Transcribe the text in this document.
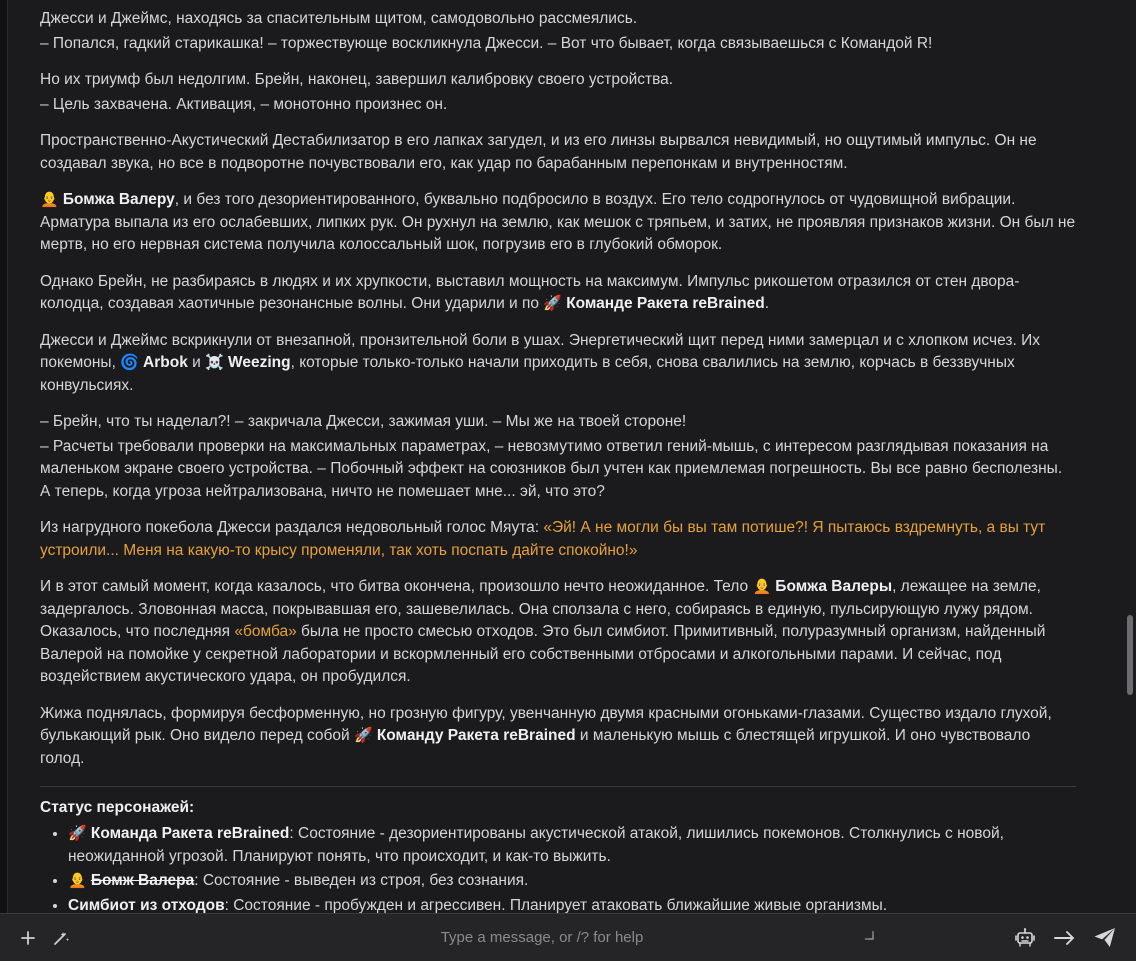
Джесси и Джеймс, находясь за спасительным щитом, самодовольно рассмеялись.

– Попался, гадкий старикашка! – торжествующе воскликнула Джесси. – Вот что бывает, когда связываешься с Командой R!

Но их триумф был недолгим. Брейн, наконец, завершил калибровку своего устройства.

– Цель захвачена. Активация, – монотонно произнес он.

Пространственно-Акустический Дестабилизатор в его лапках загудел, и из его линзы вырвался невидимый, но ощутимый импульс. Он не создавал звука, но все в подворотне почувствовали его, как удар по барабанным перепонкам и внутренностям.

🧑‍🦲 Бомжа Валеру, и без того дезориентированного, буквально подбросило в воздух. Его тело содрогнулось от чудовищной вибрации. Арматура выпала из его ослабевших, липких рук. Он рухнул на землю, как мешок с тряпьем, и затих, не проявляя признаков жизни. Он был не мертв, но его нервная система получила колоссальный шок, погрузив его в глубокий обморок.

Однако Брейн, не разбираясь в людях и их хрупкости, выставил мощность на максимум. Импульс рикошетом отразился от стен двора-колодца, создавая хаотичные резонансные волны. Они ударили и по 🚀 Команде Ракета reBrained.

Джесси и Джеймс вскрикнули от внезапной, пронзительной боли в ушах. Энергетический щит перед ними замерцал и с хлопком исчез. Их покемоны, 🌀 Arbok и ☠️ Weezing, которые только-только начали приходить в себя, снова свалились на землю, корчась в беззвучных конвульсиях.

– Брейн, что ты наделал?! – закричала Джесси, зажимая уши. – Мы же на твоей стороне!

– Расчеты требовали проверки на максимальных параметрах, – невозмутимо ответил гений-мышь, с интересом разглядывая показания на маленьком экране своего устройства. – Побочный эффект на союзников был учтен как приемлемая погрешность. Вы все равно бесполезны. А теперь, когда угроза нейтрализована, ничто не помешает мне... эй, что это?

Из нагрудного покебола Джесси раздался недовольный голос Мяута: «Эй! А не могли бы вы там потише?! Я пытаюсь вздремнуть, а вы тут устроили... Меня на какую-то крысу променяли, так хоть поспать дайте спокойно!»

И в этот самый момент, когда казалось, что битва окончена, произошло нечто неожиданное. Тело 🧑‍🦲 Бомжа Валеры, лежащее на земле, задергалось. Зловонная масса, покрывавшая его, зашевелилась. Она сползала с него, собираясь в единую, пульсирующую лужу рядом. Оказалось, что последняя «бомба» была не просто смесью отходов. Это был симбиот. Примитивный, полуразумный организм, найденный Валерой на помойке у секретной лаборатории и вскормленный его собственными отбросами и алкогольными парами. И сейчас, под воздействием акустического удара, он пробудился.

Жижа поднялась, формируя бесформенную, но грозную фигуру, увенчанную двумя красными огоньками-глазами. Существо издало глухой, булькающий рык. Оно видело перед собой 🚀 Команду Ракета reBrained и маленькую мышь с блестящей игрушкой. И оно чувствовало голод.

Статус персонажей:
• 🚀 Команда Ракета reBrained: Состояние - дезориентированы акустической атакой, лишились покемонов. Столкнулись с новой, неожиданной угрозой. Планируют понять, что происходит, и как-то выжить.
• 🧑‍🦲 Бомж Валера: Состояние - выведен из строя, без сознания.
• Симбиот из отходов: Состояние - пробужден и агрессивен. Планирует атаковать ближайшие живые организмы.
Type a message, or /? for help
